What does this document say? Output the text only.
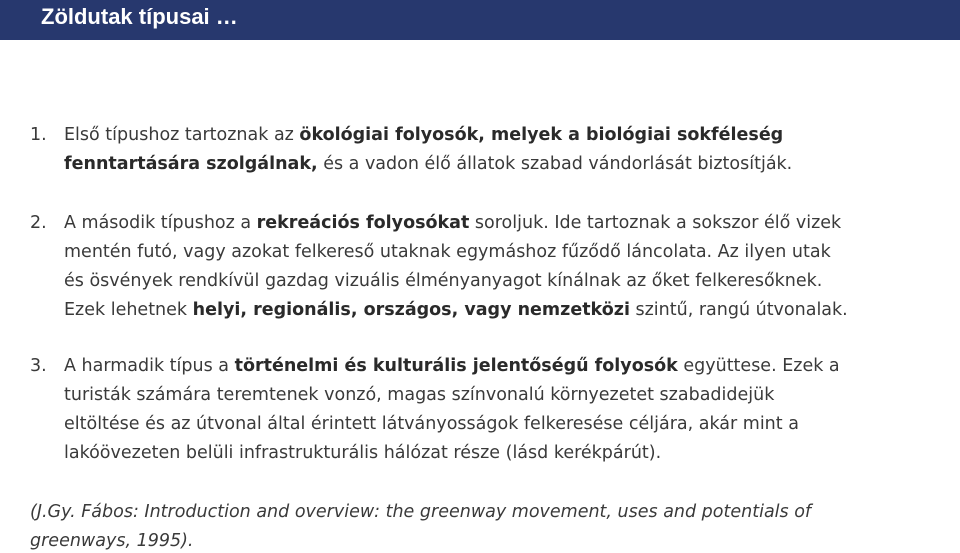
Zöldutak típusai …
1. Első típushoz tartoznak az ökológiai folyosók, melyek a biológiai sokféleség
fenntartására szolgálnak, és a vadon élő állatok szabad vándorlását biztosítják.
2. A második típushoz a rekreációs folyosókat soroljuk. Ide tartoznak a sokszor élő vizek
mentén futó, vagy azokat felkereső utaknak egymáshoz fűződő láncolata. Az ilyen utak
és ösvények rendkívül gazdag vizuális élményanyagot kínálnak az őket felkeresőknek.
Ezek lehetnek helyi, regionális, országos, vagy nemzetközi szintű, rangú útvonalak.
3. A harmadik típus a történelmi és kulturális jelentőségű folyosók együttese. Ezek a
turisták számára teremtenek vonzó, magas színvonalú környezetet szabadidejük
eltöltése és az útvonal által érintett látványosságok felkeresése céljára, akár mint a
lakóövezeten belüli infrastrukturális hálózat része (lásd kerékpárút).
(J.Gy. Fábos: Introduction and overview: the greenway movement, uses and potentials of
greenways, 1995).
